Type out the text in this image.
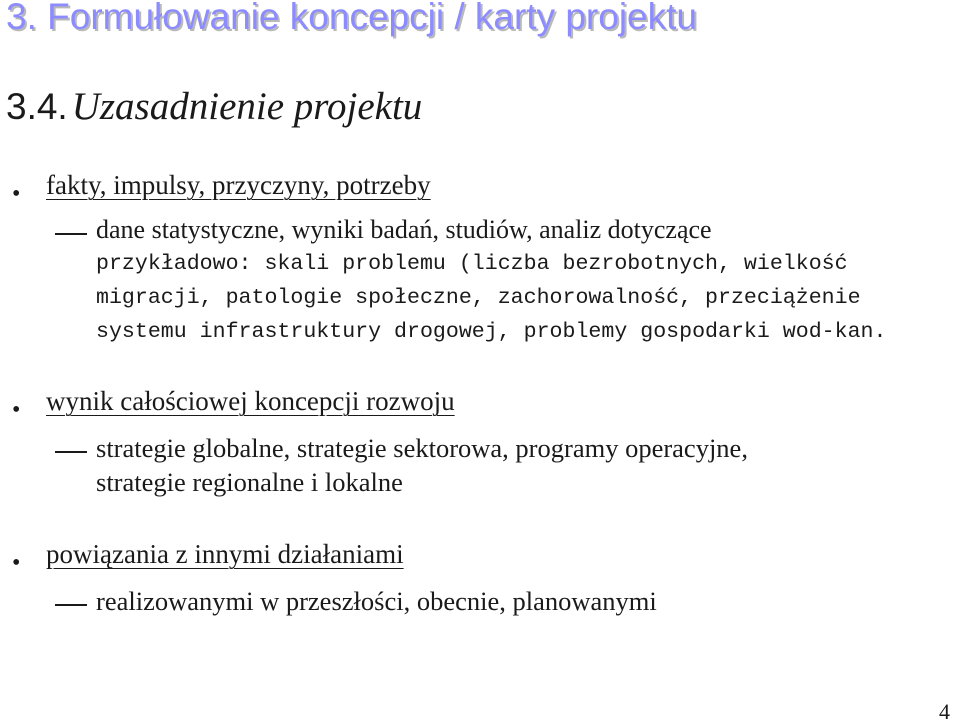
3. Formułowanie koncepcji / karty projektu
3.4. Uzasadnienie projektu
• fakty, impulsy, przyczyny, potrzeby

dane statystyczne, wyniki badań, studiów, analiz dotyczące

przykładowo: skali problemu (liczba bezrobotnych, wielkość

migracji, patologie społeczne, zachorowalność, przeciążenie

systemu infrastruktury drogowej, problemy gospodarki wod-kan.

• wynik całościowej koncepcji rozwoju

strategie globalne, strategie sektorowa, programy operacyjne,

strategie regionalne i lokalne

• powiązania z innymi działaniami

realizowanymi w przeszłości, obecnie, planowanymi

4
